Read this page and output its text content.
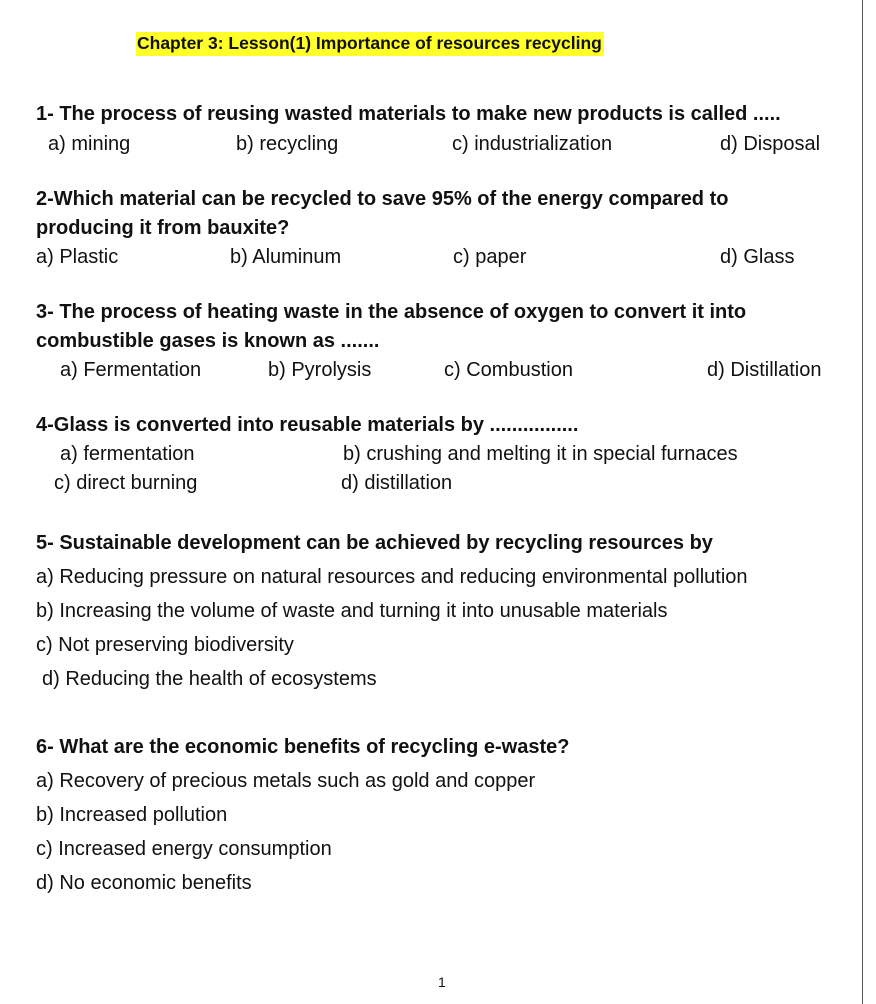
Chapter 3: Lesson(1) Importance of resources recycling
1- The process of reusing wasted materials to make new products is called .....
a) mining	b) recycling	c) industrialization	d) Disposal
2-Which material can be recycled to save 95% of the energy compared to
producing it from bauxite?
a) Plastic	b) Aluminum	c) paper	d) Glass
3- The process of heating waste in the absence of oxygen to convert it into
combustible gases is known as .......
a) Fermentation	b) Pyrolysis	c) Combustion	d) Distillation
4-Glass is converted into reusable materials by ................
a) fermentation	b) crushing and melting it in special furnaces
c) direct burning	d) distillation
5- Sustainable development can be achieved by recycling resources by
a) Reducing pressure on natural resources and reducing environmental pollution
b) Increasing the volume of waste and turning it into unusable materials
c) Not preserving biodiversity
d) Reducing the health of ecosystems
6- What are the economic benefits of recycling e-waste?
a) Recovery of precious metals such as gold and copper
b) Increased pollution
c) Increased energy consumption
d) No economic benefits
1
